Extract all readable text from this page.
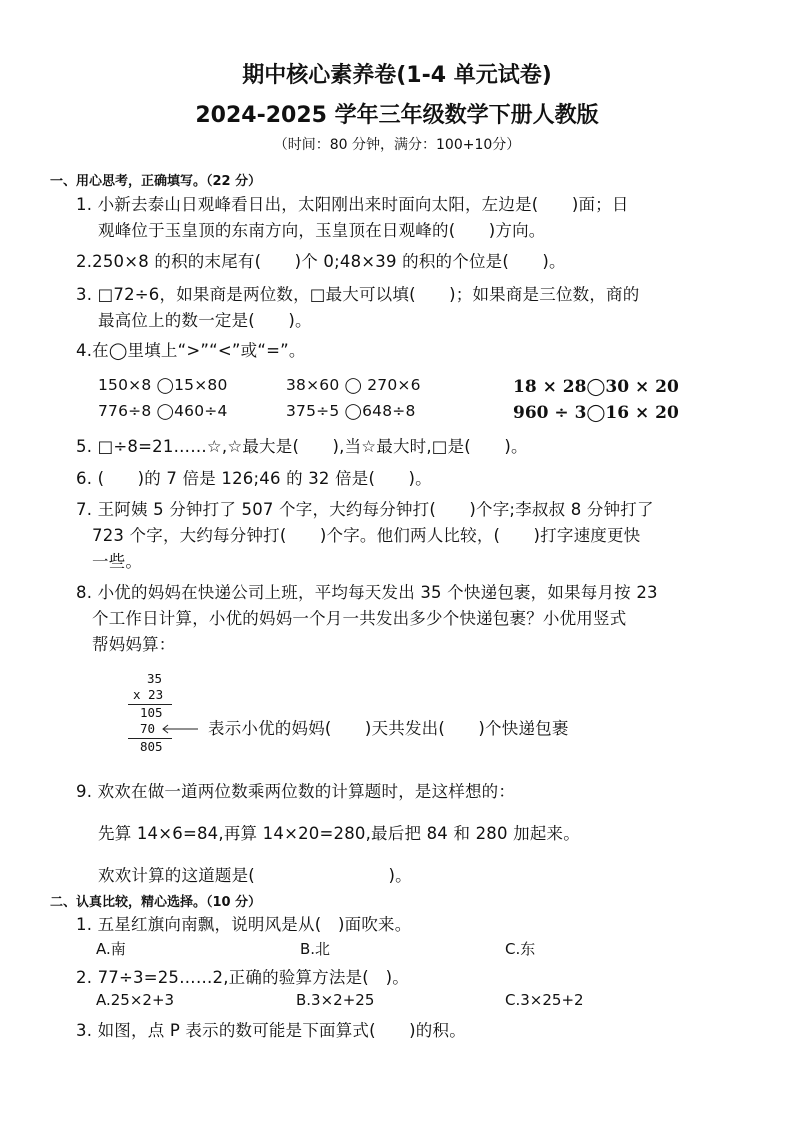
期中核心素养卷(1-4 单元试卷)
2024-2025 学年三年级数学下册人教版
（时间：80 分钟，满分：100+10分）
一、用心思考，正确填写。（22 分）
1. 小新去泰山日观峰看日出，太阳刚出来时面向太阳，左边是(　　)面；日
观峰位于玉皇顶的东南方向，玉皇顶在日观峰的(　　)方向。
2.250×8 的积的末尾有(　　)个 0;48×39 的积的个位是(　　)。
3. □72÷6，如果商是两位数，□最大可以填(　　)；如果商是三位数，商的
最高位上的数一定是(　　)。
4.在◯里填上“>”“<”或“=”。
150×8 ◯15×80	38×60 ◯ 270×6	18 × 28◯30 × 20
776÷8 ◯460÷4	375÷5 ◯648÷8	960 ÷ 3◯16 × 20
5. □÷8=21……☆,☆最大是(　　),当☆最大时,□是(　　)。
6. (　　)的 7 倍是 126;46 的 32 倍是(　　)。
7. 王阿姨 5 分钟打了 507 个字，大约每分钟打(　　)个字;李叔叔 8 分钟打了
723 个字，大约每分钟打(　　)个字。他们两人比较，(　　)打字速度更快
一些。
8. 小优的妈妈在快递公司上班，平均每天发出 35 个快递包裹，如果每月按 23
个工作日计算，小优的妈妈一个月一共发出多少个快递包裹？小优用竖式
帮妈妈算：
35
x 23
105
70
805
表示小优的妈妈(　　)天共发出(　　)个快递包裹
9. 欢欢在做一道两位数乘两位数的计算题时，是这样想的：
先算 14×6=84,再算 14×20=280,最后把 84 和 280 加起来。
欢欢计算的这道题是(　　　　　　　　)。
二、认真比较，精心选择。（10 分）
1. 五星红旗向南飘，说明风是从(　)面吹来。
A.南	B.北	C.东
2. 77÷3=25……2,正确的验算方法是(　)。
A.25×2+3	B.3×2+25	C.3×25+2
3. 如图，点 P 表示的数可能是下面算式(　　)的积。
